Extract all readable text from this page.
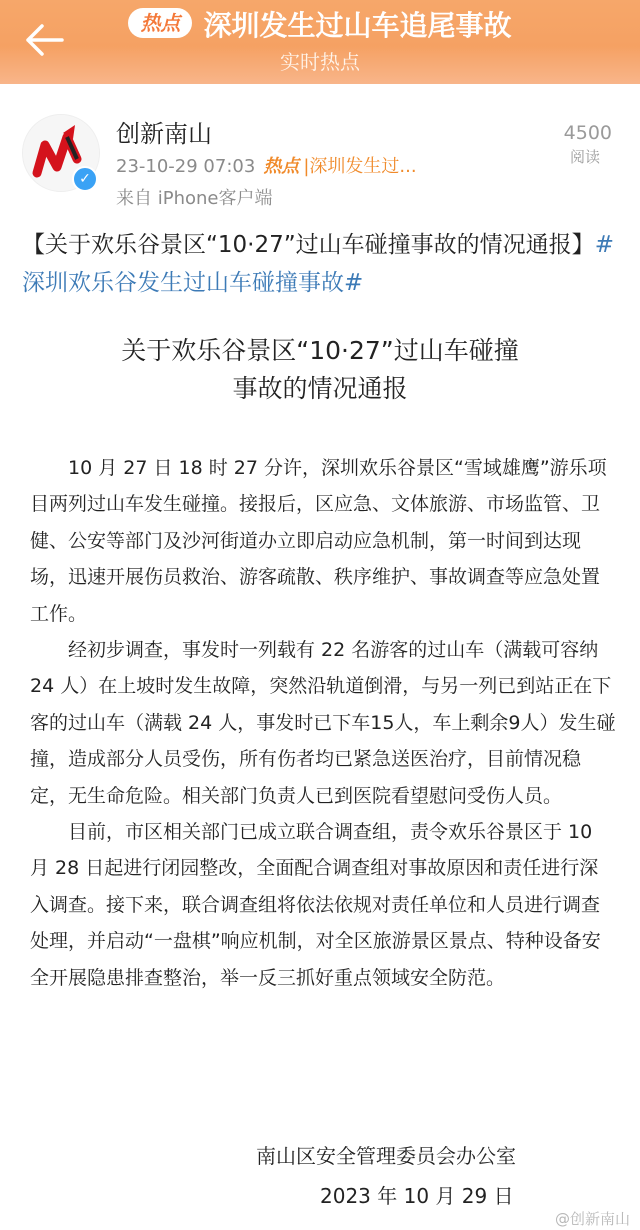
热点 深圳发生过山车追尾事故
实时热点
✓
创新南山
23-10-29 07:03 热点 |深圳发生过...
来自 iPhone客户端
4500
阅读
【关于欢乐谷景区“10·27”过山车碰撞事故的情况通报】#深圳欢乐谷发生过山车碰撞事故#
关于欢乐谷景区“10·27”过山车碰撞
事故的情况通报

10 月 27 日 18 时 27 分许，深圳欢乐谷景区“雪域雄鹰”游乐项目两列过山车发生碰撞。接报后，区应急、文体旅游、市场监管、卫健、公安等部门及沙河街道办立即启动应急机制，第一时间到达现场，迅速开展伤员救治、游客疏散、秩序维护、事故调查等应急处置工作。

经初步调查，事发时一列载有 22 名游客的过山车（满载可容纳 24 人）在上坡时发生故障，突然沿轨道倒滑，与另一列已到站正在下客的过山车（满载 24 人，事发时已下车15人，车上剩余9人）发生碰撞，造成部分人员受伤，所有伤者均已紧急送医治疗，目前情况稳定，无生命危险。相关部门负责人已到医院看望慰问受伤人员。

目前，市区相关部门已成立联合调查组，责令欢乐谷景区于 10 月 28 日起进行闭园整改，全面配合调查组对事故原因和责任进行深入调查。接下来，联合调查组将依法依规对责任单位和人员进行调查处理，并启动“一盘棋”响应机制，对全区旅游景区景点、特种设备安全开展隐患排查整治，举一反三抓好重点领域安全防范。

南山区安全管理委员会办公室
2023 年 10 月 29 日
@创新南山
